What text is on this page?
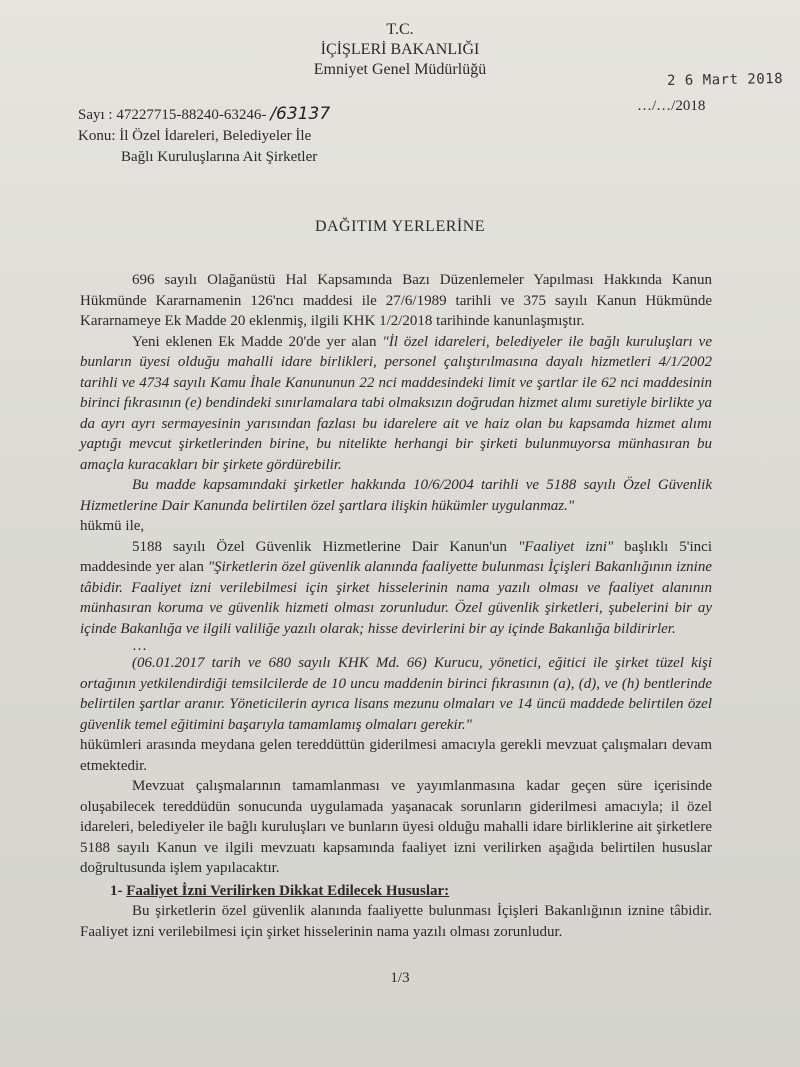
T.C.
İÇİŞLERİ BAKANLIĞI
Emniyet Genel Müdürlüğü
2 6 Mart 2018
…/…/2018
Sayı : 47227715-88240-63246- /63137
Konu: İl Özel İdareleri, Belediyeler İle
Bağlı Kuruluşlarına Ait Şirketler
DAĞITIM YERLERİNE

696 sayılı Olağanüstü Hal Kapsamında Bazı Düzenlemeler Yapılması Hakkında Kanun Hükmünde Kararnamenin 126'ncı maddesi ile 27/6/1989 tarihli ve 375 sayılı Kanun Hükmünde Kararnameye Ek Madde 20 eklenmiş, ilgili KHK 1/2/2018 tarihinde kanunlaşmıştır.

Yeni eklenen Ek Madde 20'de yer alan "İl özel idareleri, belediyeler ile bağlı kuruluşları ve bunların üyesi olduğu mahalli idare birlikleri, personel çalıştırılmasına dayalı hizmetleri 4/1/2002 tarihli ve 4734 sayılı Kamu İhale Kanununun 22 nci maddesindeki limit ve şartlar ile 62 nci maddesinin birinci fıkrasının (e) bendindeki sınırlamalara tabi olmaksızın doğrudan hizmet alımı suretiyle birlikte ya da ayrı ayrı sermayesinin yarısından fazlası bu idarelere ait ve haiz olan bu kapsamda hizmet alımı yaptığı mevcut şirketlerinden birine, bu nitelikte herhangi bir şirketi bulunmuyorsa münhasıran bu amaçla kuracakları bir şirkete gördürebilir.

Bu madde kapsamındaki şirketler hakkında 10/6/2004 tarihli ve 5188 sayılı Özel Güvenlik Hizmetlerine Dair Kanunda belirtilen özel şartlara ilişkin hükümler uygulanmaz."

hükmü ile,

5188 sayılı Özel Güvenlik Hizmetlerine Dair Kanun'un "Faaliyet izni" başlıklı 5'inci maddesinde yer alan "Şirketlerin özel güvenlik alanında faaliyette bulunması İçişleri Bakanlığının iznine tâbidir. Faaliyet izni verilebilmesi için şirket hisselerinin nama yazılı olması ve faaliyet alanının münhasıran koruma ve güvenlik hizmeti olması zorunludur. Özel güvenlik şirketleri, şubelerini bir ay içinde Bakanlığa ve ilgili valiliğe yazılı olarak; hisse devirlerini bir ay içinde Bakanlığa bildirirler.

…

(06.01.2017 tarih ve 680 sayılı KHK Md. 66) Kurucu, yönetici, eğitici ile şirket tüzel kişi ortağının yetkilendirdiği temsilcilerde de 10 uncu maddenin birinci fıkrasının (a), (d), ve (h) bentlerinde belirtilen şartlar aranır. Yöneticilerin ayrıca lisans mezunu olmaları ve 14 üncü maddede belirtilen özel güvenlik temel eğitimini başarıyla tamamlamış olmaları gerekir."

hükümleri arasında meydana gelen tereddüttün giderilmesi amacıyla gerekli mevzuat çalışmaları devam etmektedir.

Mevzuat çalışmalarının tamamlanması ve yayımlanmasına kadar geçen süre içerisinde oluşabilecek tereddüdün sonucunda uygulamada yaşanacak sorunların giderilmesi amacıyla; il özel idareleri, belediyeler ile bağlı kuruluşları ve bunların üyesi olduğu mahalli idare birliklerine ait şirketlere 5188 sayılı Kanun ve ilgili mevzuatı kapsamında faaliyet izni verilirken aşağıda belirtilen hususlar doğrultusunda işlem yapılacaktır.

1- Faaliyet İzni Verilirken Dikkat Edilecek Hususlar:

Bu şirketlerin özel güvenlik alanında faaliyette bulunması İçişleri Bakanlığının iznine tâbidir. Faaliyet izni verilebilmesi için şirket hisselerinin nama yazılı olması zorunludur.

1/3
